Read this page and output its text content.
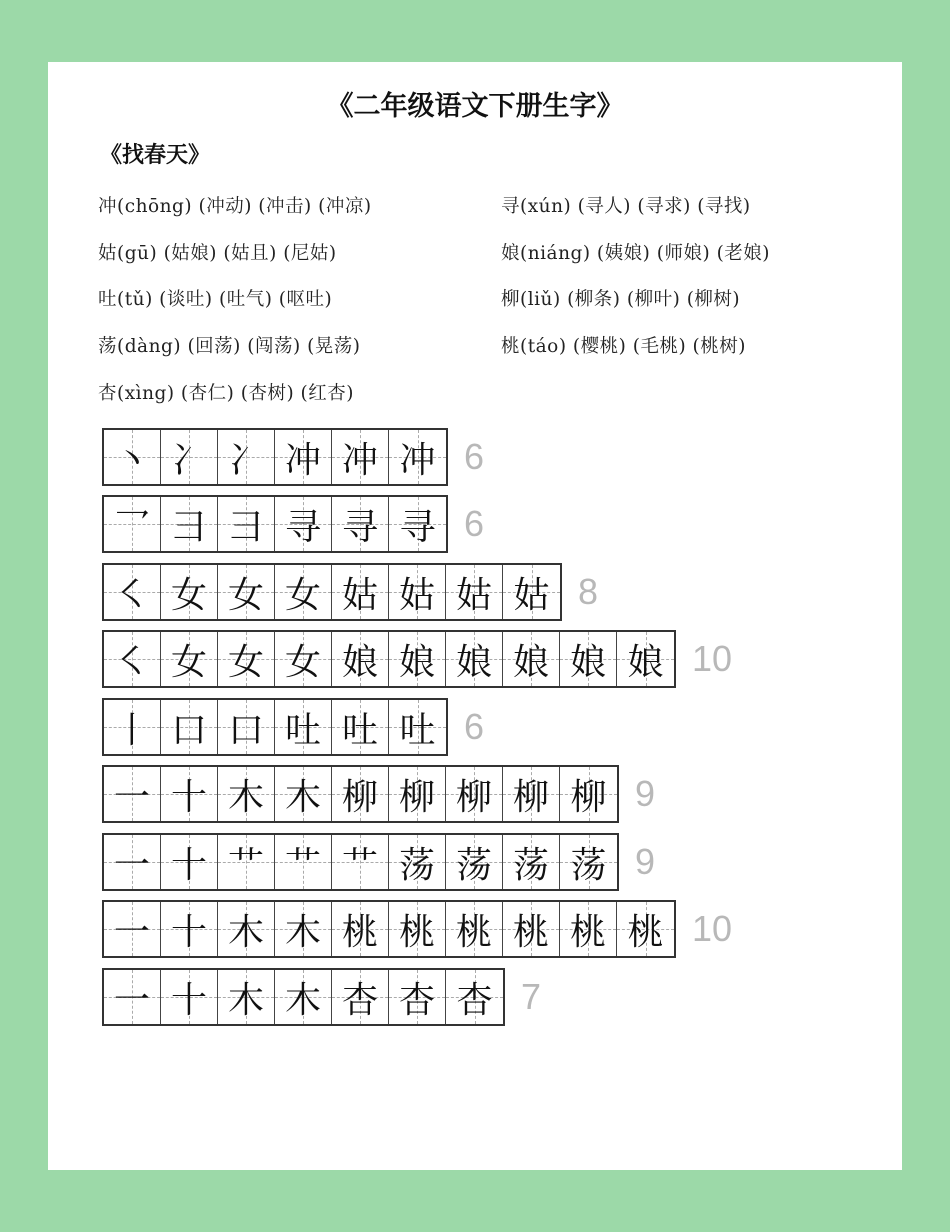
《二年级语文下册生字》
《找春天》
冲(chōng) (冲动) (冲击) (冲凉)	寻(xún) (寻人) (寻求) (寻找)
姑(gū) (姑娘) (姑且) (尼姑)	娘(niáng) (姨娘) (师娘) (老娘)
吐(tǔ) (谈吐) (吐气) (呕吐)	柳(liǔ) (柳条) (柳叶) (柳树)
荡(dàng) (回荡) (闯荡) (晃荡)	桃(táo) (樱桃) (毛桃) (桃树)
杏(xìng) (杏仁) (杏树) (红杏)
丶 冫 冫 冲 冲 冲 6
乛 彐 彐 寻 寻 寻 6
㇛ 女 女 女 姑 姑 姑 姑 8
㇛ 女 女 女 娘 娘 娘 娘 娘 娘 10
丨 口 口 吐 吐 吐 6
一 十 木 木 柳 柳 柳 柳 柳 9
一 十 艹 艹 艹 荡 荡 荡 荡 9
一 十 木 木 桃 桃 桃 桃 桃 桃 10
一 十 木 木 杏 杏 杏 7
